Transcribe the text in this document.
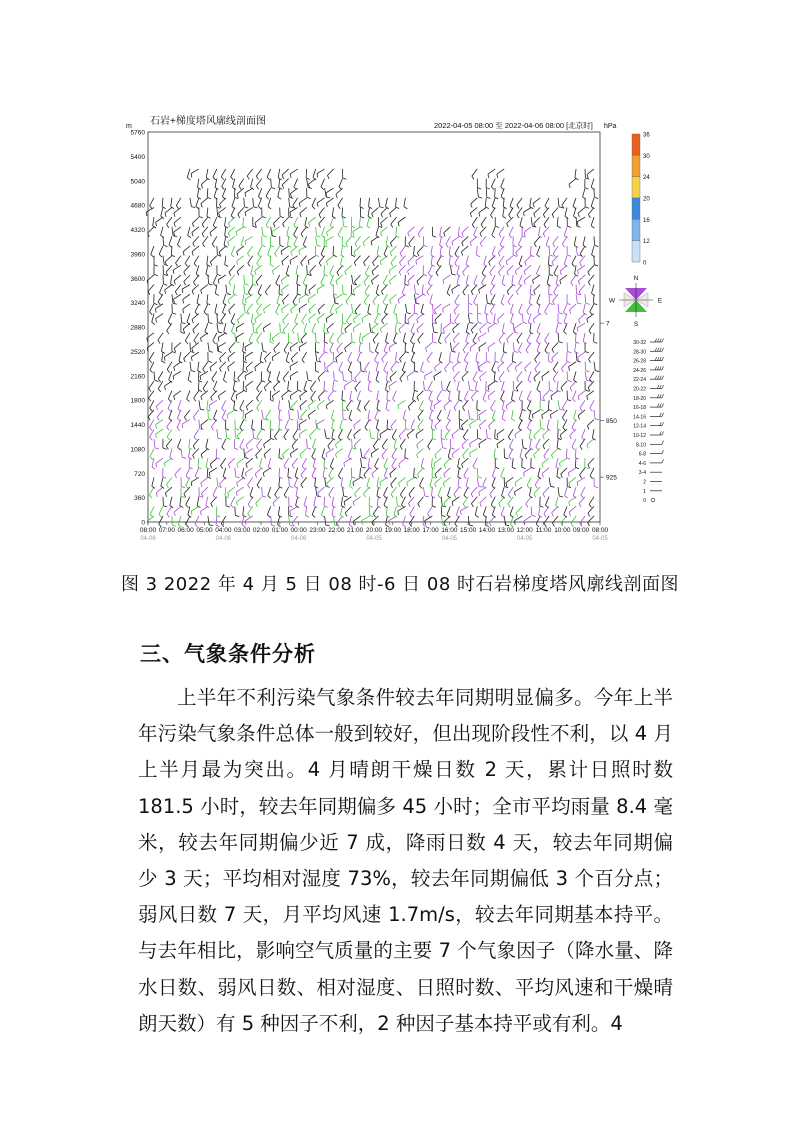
石岩+梯度塔风廓线剖面图
m	2022-04-05 08:00 至 2022-04-06 08:00 [北京时] hPa
5760
5400
5040
4680
4320
3960
3600
3240
2880
2520
2160
1800
1440
1080
720
360
0
08:00 07:00 06:00 05:00 04:00 03:00 02:00 01:00 00:00 23:00 22:00 21:00 20:00 19:00 18:00 17:00 16:00 15:00 14:00 13:00 12:00 11:00 10:00 09:00 08:00
04-06	04-06	04-06	04-05	04-05	04-05	04-05
7
850
925
36
30
24
20
16
12
0
N
S
W	E
30-32
28-30
26-28
24-26
22-24
20-22
18-20
16-18
14-16
12-14
10-12
8-10
6-8
4-6
3-4
2
1
0
图 3 2022 年 4 月 5 日 08 时-6 日 08 时石岩梯度塔风廓线剖面图
三、气象条件分析

上半年不利污染气象条件较去年同期明显偏多。今年上半年污染气象条件总体一般到较好，但出现阶段性不利，以 4 月上半月最为突出。4 月晴朗干燥日数 2 天，累计日照时数 181.5 小时，较去年同期偏多 45 小时；全市平均雨量 8.4 毫米，较去年同期偏少近 7 成，降雨日数 4 天，较去年同期偏少 3 天；平均相对湿度 73%，较去年同期偏低 3 个百分点；弱风日数 7 天，月平均风速 1.7m/s，较去年同期基本持平。与去年相比，影响空气质量的主要 7 个气象因子（降水量、降水日数、弱风日数、相对湿度、日照时数、平均风速和干燥晴朗天数）有 5 种因子不利，2 种因子基本持平或有利。4
